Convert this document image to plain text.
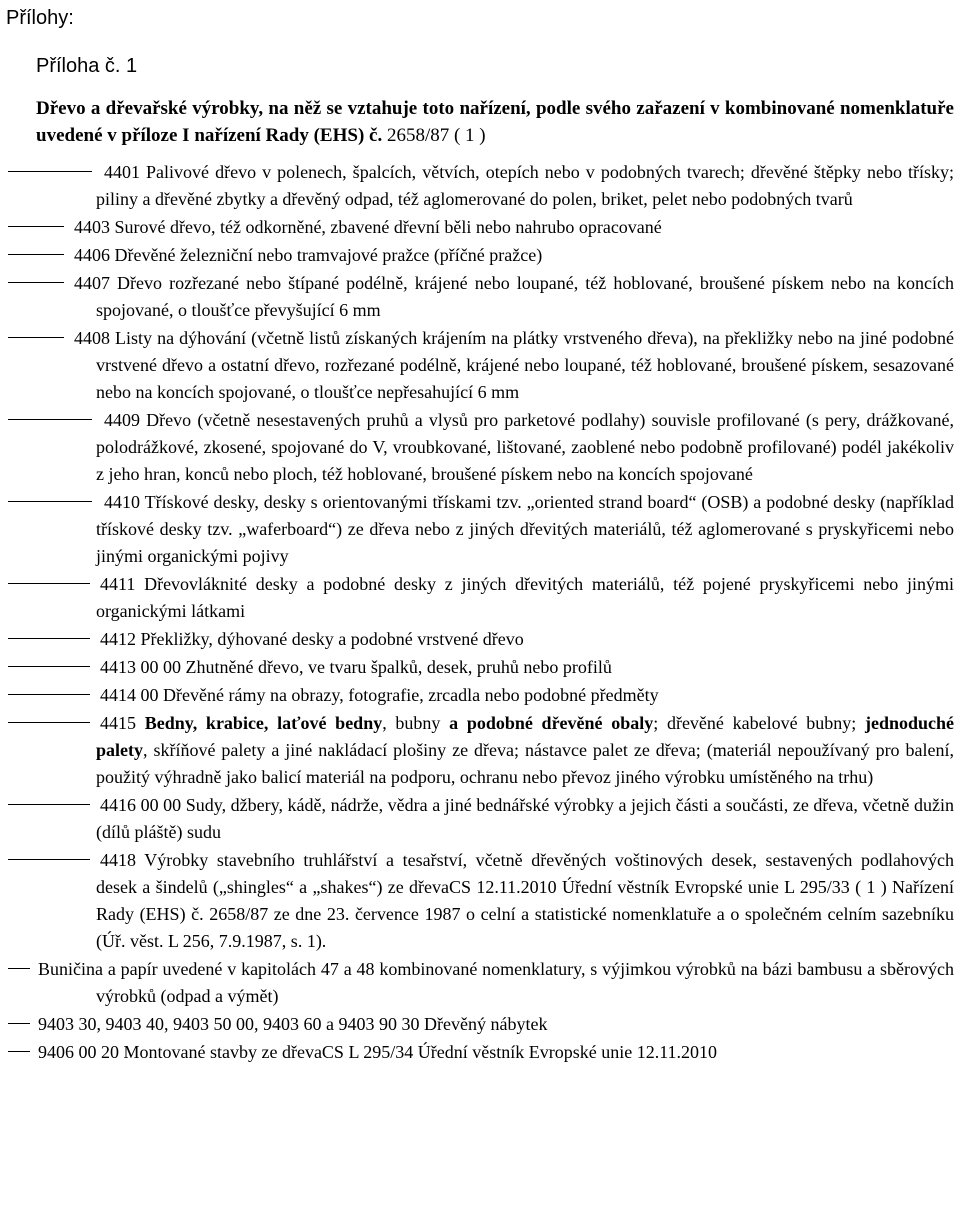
Přílohy:
Příloha č. 1
Dřevo a dřevařské výrobky, na něž se vztahuje toto nařízení, podle svého zařazení v kombinované nomenklatuře uvedené v příloze I nařízení Rady (EHS) č. 2658/87 ( 1 )
4401 Palivové dřevo v polenech, špalcích, větvích, otepích nebo v podobných tvarech; dřevěné štěpky nebo třísky; piliny a dřevěné zbytky a dřevěný odpad, též aglomerované do polen, briket, pelet nebo podobných tvarů
4403 Surové dřevo, též odkorněné, zbavené dřevní běli nebo nahrubo opracované
4406 Dřevěné železniční nebo tramvajové pražce (příčné pražce)
4407 Dřevo rozřezané nebo štípané podélně, krájené nebo loupané, též hoblované, broušené pískem nebo na koncích spojované, o tloušťce převyšující 6 mm
4408 Listy na dýhování (včetně listů získaných krájením na plátky vrstveného dřeva), na překližky nebo na jiné podobné vrstvené dřevo a ostatní dřevo, rozřezané podélně, krájené nebo loupané, též hoblované, broušené pískem, sesazované nebo na koncích spojované, o tloušťce nepřesahující 6 mm
4409 Dřevo (včetně nesestavených pruhů a vlysů pro parketové podlahy) souvisle profilované (s pery, drážkované, polodrážkové, zkosené, spojované do V, vroubkované, lištované, zaoblené nebo podobně profilované) podél jakékoliv z jeho hran, konců nebo ploch, též hoblované, broušené pískem nebo na koncích spojované
4410 Třískové desky, desky s orientovanými třískami tzv. „oriented strand board“ (OSB) a podobné desky (například třískové desky tzv. „waferboard“) ze dřeva nebo z jiných dřevitých materiálů, též aglomerované s pryskyřicemi nebo jinými organickými pojivy
4411 Dřevovláknité desky a podobné desky z jiných dřevitých materiálů, též pojené pryskyřicemi nebo jinými organickými látkami
4412 Překližky, dýhované desky a podobné vrstvené dřevo
4413 00 00 Zhutněné dřevo, ve tvaru špalků, desek, pruhů nebo profilů
4414 00 Dřevěné rámy na obrazy, fotografie, zrcadla nebo podobné předměty
4415 Bedny, krabice, laťové bedny, bubny a podobné dřevěné obaly; dřevěné kabelové bubny; jednoduché palety, skříňové palety a jiné nakládací plošiny ze dřeva; nástavce palet ze dřeva; (materiál nepoužívaný pro balení, použitý výhradně jako balicí materiál na podporu, ochranu nebo převoz jiného výrobku umístěného na trhu)
4416 00 00 Sudy, džbery, kádě, nádrže, vědra a jiné bednářské výrobky a jejich části a součásti, ze dřeva, včetně dužin (dílů pláště) sudu
4418 Výrobky stavebního truhlářství a tesařství, včetně dřevěných voštinových desek, sestavených podlahových desek a šindelů („shingles“ a „shakes“) ze dřevaCS 12.11.2010 Úřední věstník Evropské unie L 295/33 ( 1 ) Nařízení Rady (EHS) č. 2658/87 ze dne 23. července 1987 o celní a statistické nomenklatuře a o společném celním sazebníku (Úř. věst. L 256, 7.9.1987, s. 1).
Buničina a papír uvedené v kapitolách 47 a 48 kombinované nomenklatury, s výjimkou výrobků na bázi bambusu a sběrových výrobků (odpad a výmět)
9403 30, 9403 40, 9403 50 00, 9403 60 a 9403 90 30 Dřevěný nábytek
9406 00 20 Montované stavby ze dřevaCS L 295/34 Úřední věstník Evropské unie 12.11.2010
